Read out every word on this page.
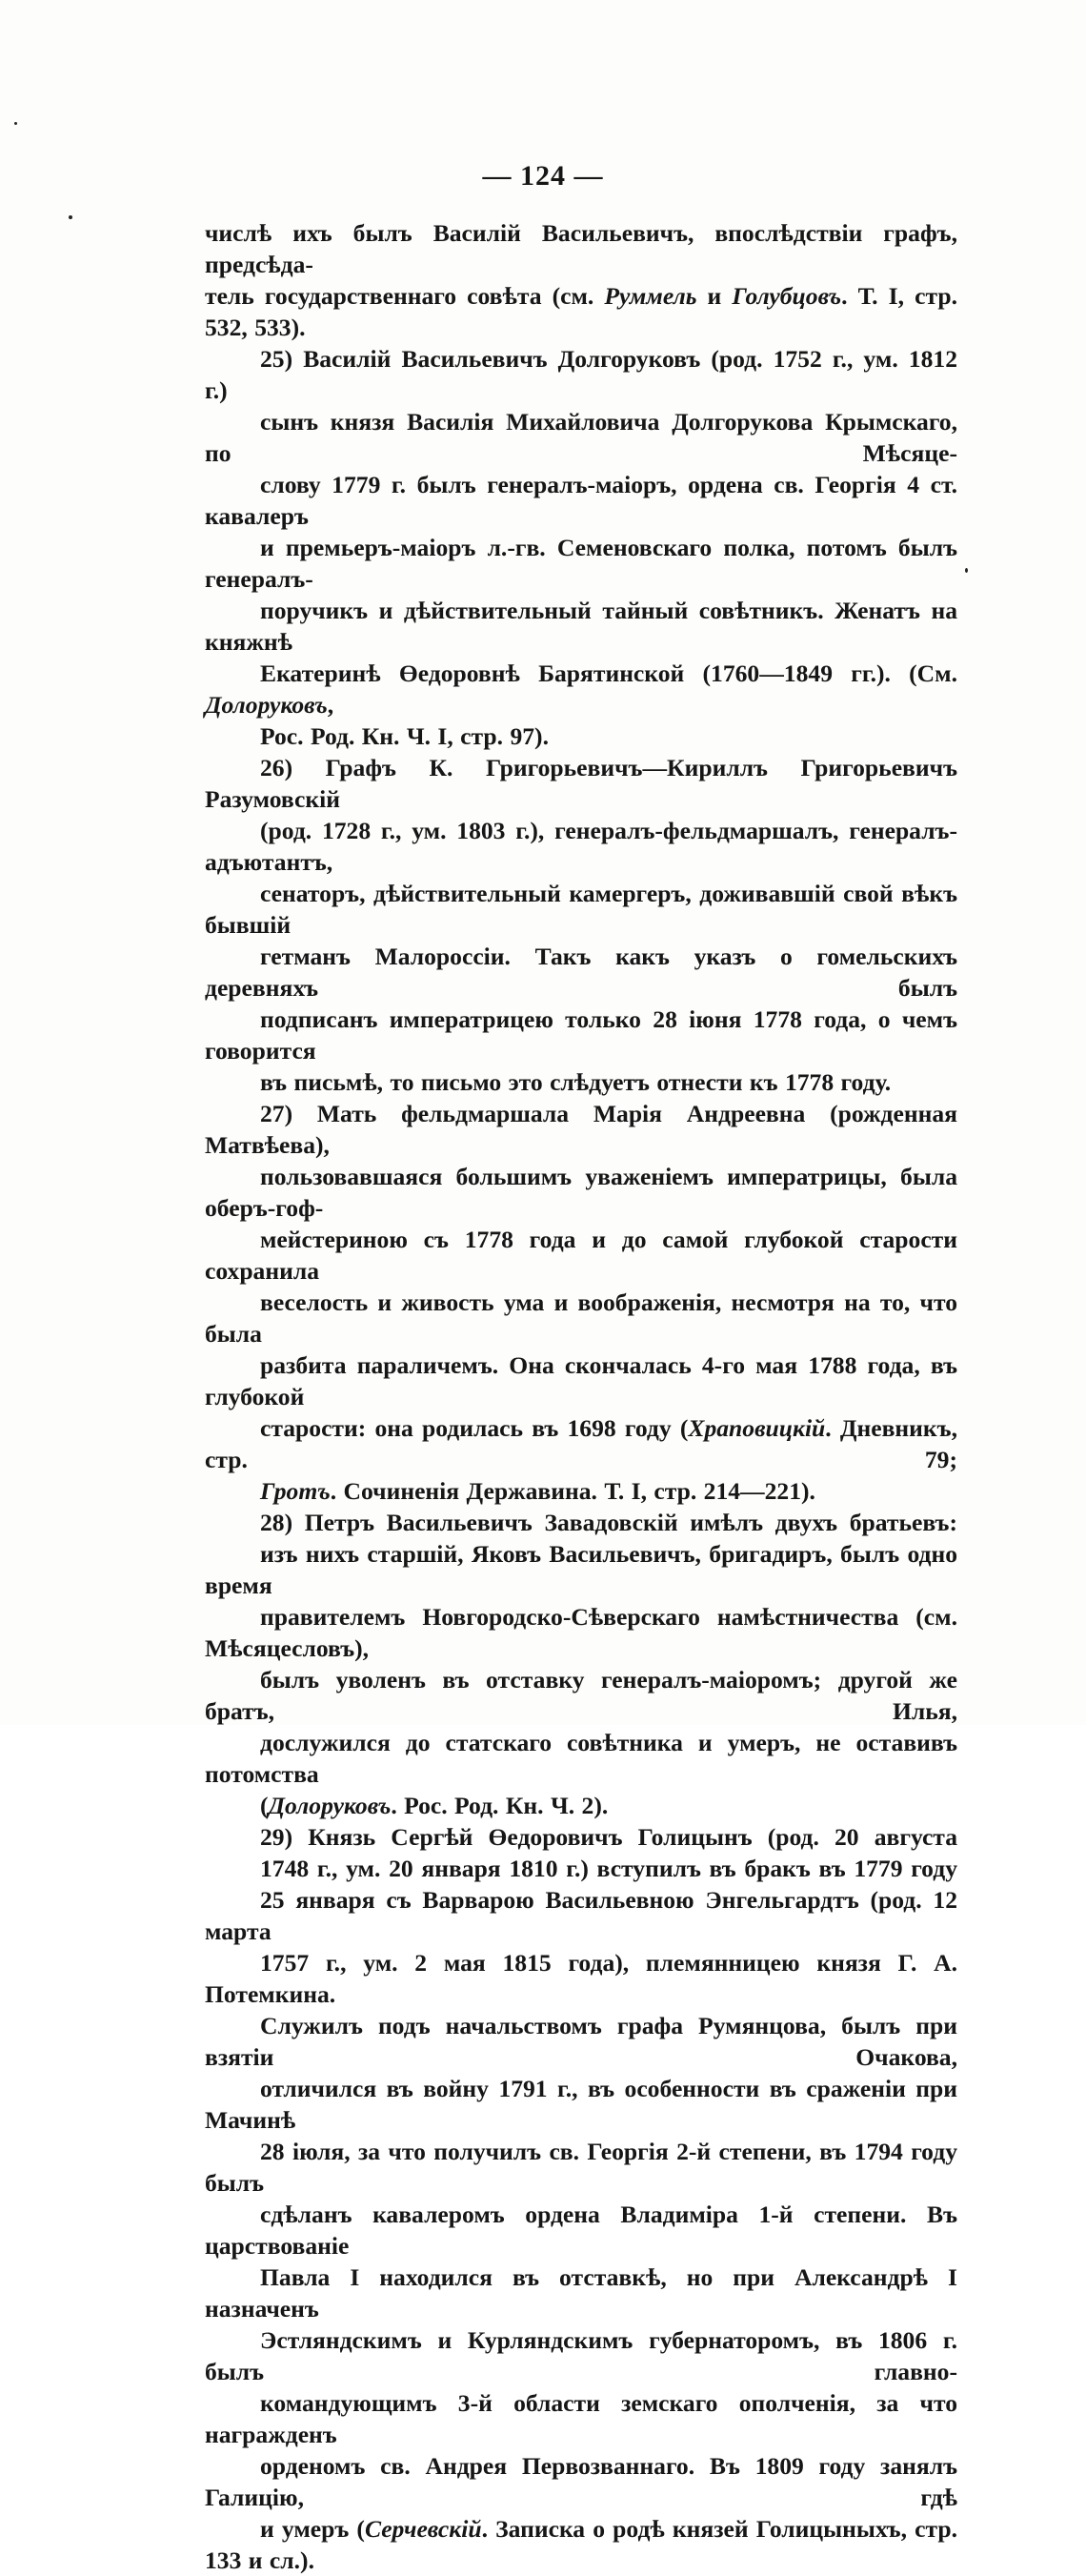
— 124 —
числѣ ихъ былъ Василій Васильевичъ, впослѣдствіи графъ, предсѣда-
тель государственнаго совѣта (см. Руммель и Голубцовъ. Т. I, стр.
532, 533).
25) Василій Васильевичъ Долгоруковъ (род. 1752 г., ум. 1812 г.)
сынъ князя Василія Михайловича Долгорукова Крымскаго, по Мѣсяце-
слову 1779 г. былъ генералъ-маіоръ, ордена св. Георгія 4 ст. кавалеръ
и премьеръ-маіоръ л.-гв. Семеновскаго полка, потомъ былъ генералъ-
поручикъ и дѣйствительный тайный совѣтникъ. Женатъ на княжнѣ
Екатеринѣ Өедоровнѣ Барятинской (1760—1849 гг.). (См. Долоруковъ,
Рос. Род. Кн. Ч. I, стр. 97).
26) Графъ К. Григорьевичъ—Кириллъ Григорьевичъ Разумовскій
(род. 1728 г., ум. 1803 г.), генералъ-фельдмаршалъ, генералъ-адъютантъ,
сенаторъ, дѣйствительный камергеръ, доживавшій свой вѣкъ бывшій
гетманъ Малороссіи. Такъ какъ указъ о гомельскихъ деревняхъ былъ
подписанъ императрицею только 28 іюня 1778 года, о чемъ говорится
въ письмѣ, то письмо это слѣдуетъ отнести къ 1778 году.
27) Мать фельдмаршала Марія Андреевна (рожденная Матвѣева),
пользовавшаяся большимъ уваженіемъ императрицы, была оберъ-гоф-
мейстериною съ 1778 года и до самой глубокой старости сохранила
веселость и живость ума и воображенія, несмотря на то, что была
разбита параличемъ. Она скончалась 4-го мая 1788 года, въ глубокой
старости: она родилась въ 1698 году (Храповицкій. Дневникъ, стр. 79;
Гротъ. Сочиненія Державина. Т. I, стр. 214—221).
28) Петръ Васильевичъ Завадовскій имѣлъ двухъ братьевъ:
изъ нихъ старшій, Яковъ Васильевичъ, бригадиръ, былъ одно время
правителемъ Новгородско-Сѣверскаго намѣстничества (см. Мѣсяцесловъ),
былъ уволенъ въ отставку генералъ-маіоромъ; другой же братъ, Илья,
дослужился до статскаго совѣтника и умеръ, не оставивъ потомства
(Долоруковъ. Рос. Род. Кн. Ч. 2).
29) Князь Сергѣй Өедоровичъ Голицынъ (род. 20 августа
1748 г., ум. 20 января 1810 г.) вступилъ въ бракъ въ 1779 году
25 января съ Варварою Васильевною Энгельгардтъ (род. 12 марта
1757 г., ум. 2 мая 1815 года), племянницею князя Г. А. Потемкина.
Служилъ подъ начальствомъ графа Румянцова, былъ при взятіи Очакова,
отличился въ войну 1791 г., въ особенности въ сраженіи при Мачинѣ
28 іюля, за что получилъ св. Георгія 2-й степени, въ 1794 году былъ
сдѣланъ кавалеромъ ордена Владиміра 1-й степени. Въ царствованіе
Павла I находился въ отставкѣ, но при Александрѣ I назначенъ
Эстляндскимъ и Курляндскимъ губернаторомъ, въ 1806 г. былъ главно-
командующимъ 3-й области земскаго ополченія, за что награжденъ
орденомъ св. Андрея Первозваннаго. Въ 1809 году занялъ Галицію, гдѣ
и умеръ (Серчевскій. Записка о родѣ князей Голицыныхъ, стр. 133 и сл.).
